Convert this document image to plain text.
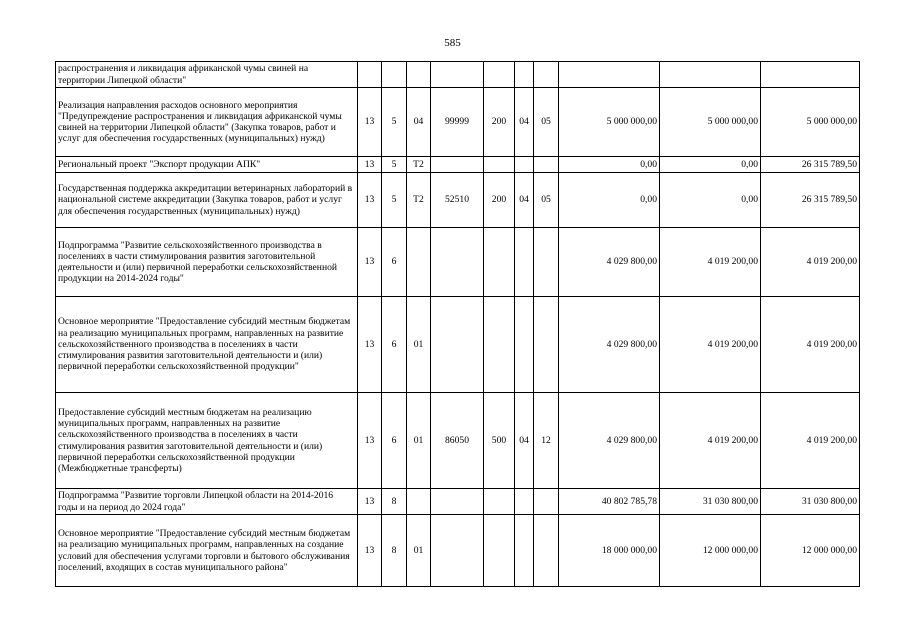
585
распространения и ликвидация африканской чумы свиней на территории Липецкой области"										
Реализация направления расходов основного мероприятия "Предупреждение распространения и ликвидация африканской чумы свиней на территории Липецкой области" (Закупка товаров, работ и услуг для обеспечения государственных (муниципальных) нужд)	13	5	04	99999	200	04	05	5 000 000,00	5 000 000,00	5 000 000,00
Региональный проект "Экспорт продукции АПК"	13	5	T2					0,00	0,00	26 315 789,50
Государственная поддержка аккредитации ветеринарных лабораторий в национальной системе аккредитации (Закупка товаров, работ и услуг для обеспечения государственных (муниципальных) нужд)	13	5	T2	52510	200	04	05	0,00	0,00	26 315 789,50
Подпрограмма "Развитие сельскохозяйственного производства в поселениях в части стимулирования развития заготовительной деятельности и (или) первичной переработки сельскохозяйственной продукции на 2014-2024 годы"	13	6						4 029 800,00	4 019 200,00	4 019 200,00
Основное мероприятие "Предоставление субсидий местным бюджетам на реализацию муниципальных программ, направленных на развитие сельскохозяйственного производства в поселениях в части стимулирования развития заготовительной деятельности и (или) первичной переработки сельскохозяйственной продукции"	13	6	01					4 029 800,00	4 019 200,00	4 019 200,00
Предоставление субсидий местным бюджетам на реализацию муниципальных программ, направленных на развитие сельскохозяйственного производства в поселениях в части стимулирования развития заготовительной деятельности и (или) первичной переработки сельскохозяйственной продукции (Межбюджетные трансферты)	13	6	01	86050	500	04	12	4 029 800,00	4 019 200,00	4 019 200,00
Подпрограмма "Развитие торговли Липецкой области на 2014-2016 годы и на период до 2024 года"	13	8						40 802 785,78	31 030 800,00	31 030 800,00
Основное мероприятие "Предоставление субсидий местным бюджетам на реализацию муниципальных программ, направленных на создание условий для обеспечения услугами торговли и бытового обслуживания поселений, входящих в состав муниципального района"	13	8	01					18 000 000,00	12 000 000,00	12 000 000,00
